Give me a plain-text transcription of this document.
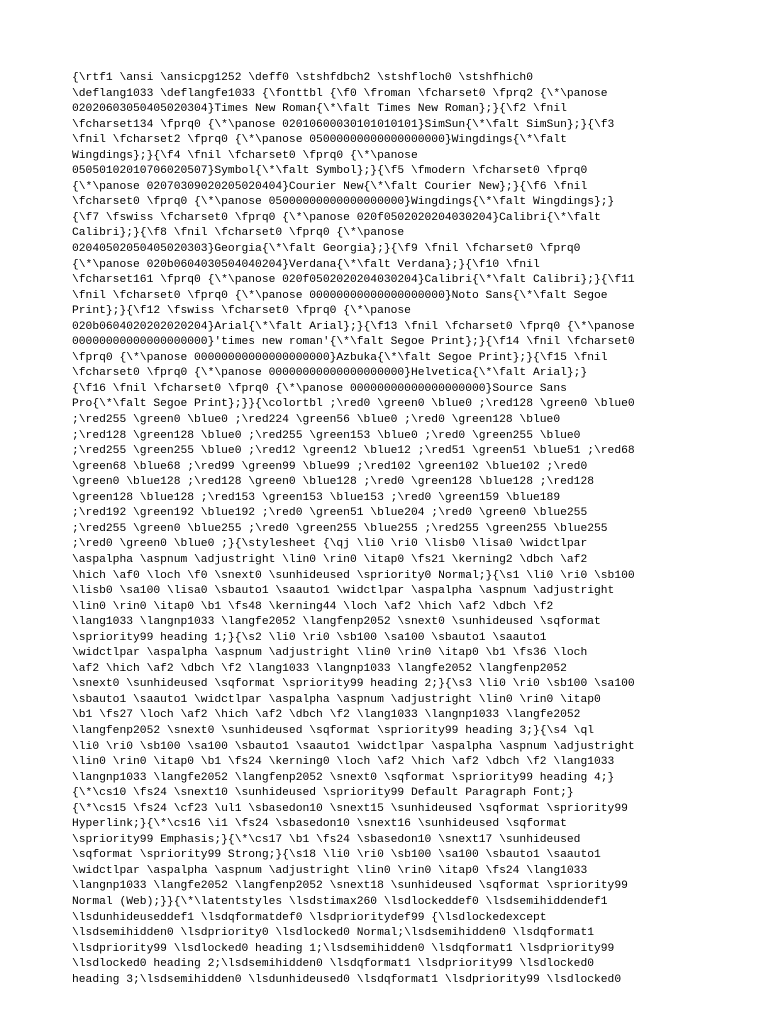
{\rtf1 \ansi \ansicpg1252 \deff0 \stshfdbch2 \stshfloch0 \stshfhich0
\deflang1033 \deflangfe1033 {\fonttbl {\f0 \froman \fcharset0 \fprq2 {\*\panose
02020603050405020304}Times New Roman{\*\falt Times New Roman};}{\f2 \fnil
\fcharset134 \fprq0 {\*\panose 02010600030101010101}SimSun{\*\falt SimSun};}{\f3
\fnil \fcharset2 \fprq0 {\*\panose 05000000000000000000}Wingdings{\*\falt
Wingdings};}{\f4 \fnil \fcharset0 \fprq0 {\*\panose
05050102010706020507}Symbol{\*\falt Symbol};}{\f5 \fmodern \fcharset0 \fprq0
{\*\panose 02070309020205020404}Courier New{\*\falt Courier New};}{\f6 \fnil
\fcharset0 \fprq0 {\*\panose 05000000000000000000}Wingdings{\*\falt Wingdings};}
{\f7 \fswiss \fcharset0 \fprq0 {\*\panose 020f0502020204030204}Calibri{\*\falt
Calibri};}{\f8 \fnil \fcharset0 \fprq0 {\*\panose
02040502050405020303}Georgia{\*\falt Georgia};}{\f9 \fnil \fcharset0 \fprq0
{\*\panose 020b0604030504040204}Verdana{\*\falt Verdana};}{\f10 \fnil
\fcharset161 \fprq0 {\*\panose 020f0502020204030204}Calibri{\*\falt Calibri};}{\f11
\fnil \fcharset0 \fprq0 {\*\panose 00000000000000000000}Noto Sans{\*\falt Segoe
Print};}{\f12 \fswiss \fcharset0 \fprq0 {\*\panose
020b0604020202020204}Arial{\*\falt Arial};}{\f13 \fnil \fcharset0 \fprq0 {\*\panose
00000000000000000000}'times new roman'{\*\falt Segoe Print};}{\f14 \fnil \fcharset0
\fprq0 {\*\panose 00000000000000000000}Azbuka{\*\falt Segoe Print};}{\f15 \fnil
\fcharset0 \fprq0 {\*\panose 00000000000000000000}Helvetica{\*\falt Arial};}
{\f16 \fnil \fcharset0 \fprq0 {\*\panose 00000000000000000000}Source Sans
Pro{\*\falt Segoe Print};}}{\colortbl ;\red0 \green0 \blue0 ;\red128 \green0 \blue0
;\red255 \green0 \blue0 ;\red224 \green56 \blue0 ;\red0 \green128 \blue0
;\red128 \green128 \blue0 ;\red255 \green153 \blue0 ;\red0 \green255 \blue0
;\red255 \green255 \blue0 ;\red12 \green12 \blue12 ;\red51 \green51 \blue51 ;\red68
\green68 \blue68 ;\red99 \green99 \blue99 ;\red102 \green102 \blue102 ;\red0
\green0 \blue128 ;\red128 \green0 \blue128 ;\red0 \green128 \blue128 ;\red128
\green128 \blue128 ;\red153 \green153 \blue153 ;\red0 \green159 \blue189
;\red192 \green192 \blue192 ;\red0 \green51 \blue204 ;\red0 \green0 \blue255
;\red255 \green0 \blue255 ;\red0 \green255 \blue255 ;\red255 \green255 \blue255
;\red0 \green0 \blue0 ;}{\stylesheet {\qj \li0 \ri0 \lisb0 \lisa0 \widctlpar
\aspalpha \aspnum \adjustright \lin0 \rin0 \itap0 \fs21 \kerning2 \dbch \af2
\hich \af0 \loch \f0 \snext0 \sunhideused \spriority0 Normal;}{\s1 \li0 \ri0 \sb100
\lisb0 \sa100 \lisa0 \sbauto1 \saauto1 \widctlpar \aspalpha \aspnum \adjustright
\lin0 \rin0 \itap0 \b1 \fs48 \kerning44 \loch \af2 \hich \af2 \dbch \f2
\lang1033 \langnp1033 \langfe2052 \langfenp2052 \snext0 \sunhideused \sqformat
\spriority99 heading 1;}{\s2 \li0 \ri0 \sb100 \sa100 \sbauto1 \saauto1
\widctlpar \aspalpha \aspnum \adjustright \lin0 \rin0 \itap0 \b1 \fs36 \loch
\af2 \hich \af2 \dbch \f2 \lang1033 \langnp1033 \langfe2052 \langfenp2052
\snext0 \sunhideused \sqformat \spriority99 heading 2;}{\s3 \li0 \ri0 \sb100 \sa100
\sbauto1 \saauto1 \widctlpar \aspalpha \aspnum \adjustright \lin0 \rin0 \itap0
\b1 \fs27 \loch \af2 \hich \af2 \dbch \f2 \lang1033 \langnp1033 \langfe2052
\langfenp2052 \snext0 \sunhideused \sqformat \spriority99 heading 3;}{\s4 \ql
\li0 \ri0 \sb100 \sa100 \sbauto1 \saauto1 \widctlpar \aspalpha \aspnum \adjustright
\lin0 \rin0 \itap0 \b1 \fs24 \kerning0 \loch \af2 \hich \af2 \dbch \f2 \lang1033
\langnp1033 \langfe2052 \langfenp2052 \snext0 \sqformat \spriority99 heading 4;}
{\*\cs10 \fs24 \snext10 \sunhideused \spriority99 Default Paragraph Font;}
{\*\cs15 \fs24 \cf23 \ul1 \sbasedon10 \snext15 \sunhideused \sqformat \spriority99
Hyperlink;}{\*\cs16 \i1 \fs24 \sbasedon10 \snext16 \sunhideused \sqformat
\spriority99 Emphasis;}{\*\cs17 \b1 \fs24 \sbasedon10 \snext17 \sunhideused
\sqformat \spriority99 Strong;}{\s18 \li0 \ri0 \sb100 \sa100 \sbauto1 \saauto1
\widctlpar \aspalpha \aspnum \adjustright \lin0 \rin0 \itap0 \fs24 \lang1033
\langnp1033 \langfe2052 \langfenp2052 \snext18 \sunhideused \sqformat \spriority99
Normal (Web);}}{\*\latentstyles \lsdstimax260 \lsdlockeddef0 \lsdsemihiddendef1
\lsdunhideuseddef1 \lsdqformatdef0 \lsdprioritydef99 {\lsdlockedexcept
\lsdsemihidden0 \lsdpriority0 \lsdlocked0 Normal;\lsdsemihidden0 \lsdqformat1
\lsdpriority99 \lsdlocked0 heading 1;\lsdsemihidden0 \lsdqformat1 \lsdpriority99
\lsdlocked0 heading 2;\lsdsemihidden0 \lsdqformat1 \lsdpriority99 \lsdlocked0
heading 3;\lsdsemihidden0 \lsdunhideused0 \lsdqformat1 \lsdpriority99 \lsdlocked0
